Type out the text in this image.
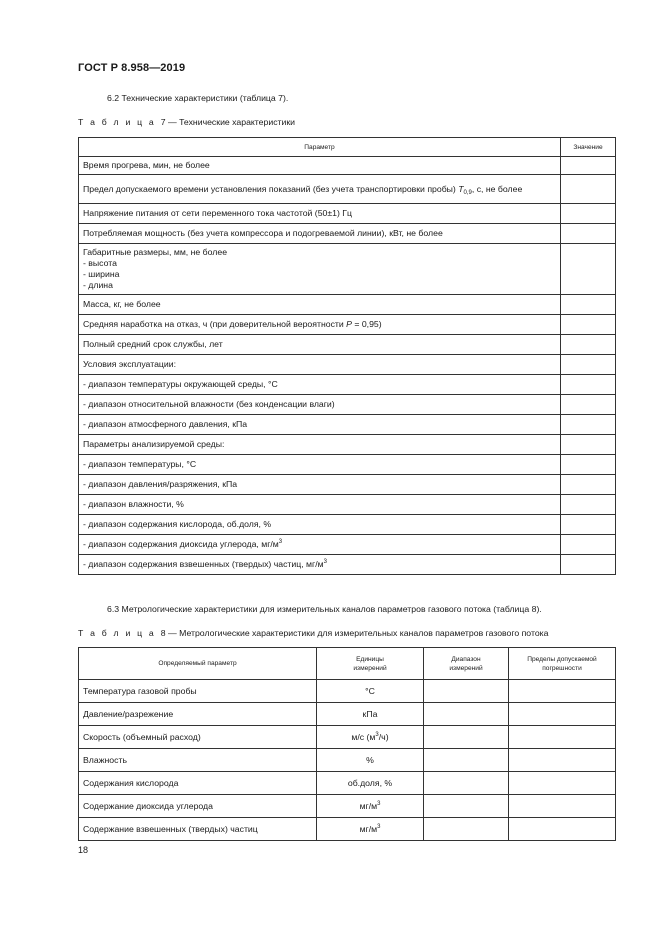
ГОСТ Р 8.958—2019
6.2 Технические характеристики (таблица 7).
Т а б л и ц а 7 — Технические характеристики
Параметр	Значение
Время прогрева, мин, не более	
Предел допускаемого времени установления показаний (без учета транспортировки пробы) $T_{0,9}$, с, не более	
Напряжение питания от сети переменного тока частотой (50±1) Гц	
Потребляемая мощность (без учета компрессора и подогреваемой линии), кВт, не более	

Габаритные размеры, мм, не более
- высота
- ширина
- длина	

Масса, кг, не более	
Средняя наработка на отказ, ч (при доверительной вероятности P = 0,95)	
Полный средний срок службы, лет	
Условия эксплуатации:	
- диапазон температуры окружающей среды, °С	
- диапазон относительной влажности (без конденсации влаги)	
- диапазон атмосферного давления, кПа	
Параметры анализируемой среды:	
- диапазон температуры, °С	
- диапазон давления/разряжения, кПа	
- диапазон влажности, %	
- диапазон содержания кислорода, об.доля, %	
- диапазон содержания диоксида углерода, $мг/м^3$	
- диапазон содержания взвешенных (твердых) частиц, $мг/м^3$	
6.3 Метрологические характеристики для измерительных каналов параметров газового потока (таблица 8).
Т а б л и ц а 8 — Метрологические характеристики для измерительных каналов параметров газового потока
Определяемый параметр	Единицы измерений	Диапазон измерений	Пределы допускаемой погрешности
Температура газовой пробы	°С		
Давление/разрежение	кПа		
Скорость (объемный расход)	м/с $(м^3/ч)$		
Влажность	%		
Содержания кислорода	об.доля, %		
Содержание диоксида углерода	$мг/м^3$		
Содержание взвешенных (твердых) частиц	$мг/м^3$		
18
